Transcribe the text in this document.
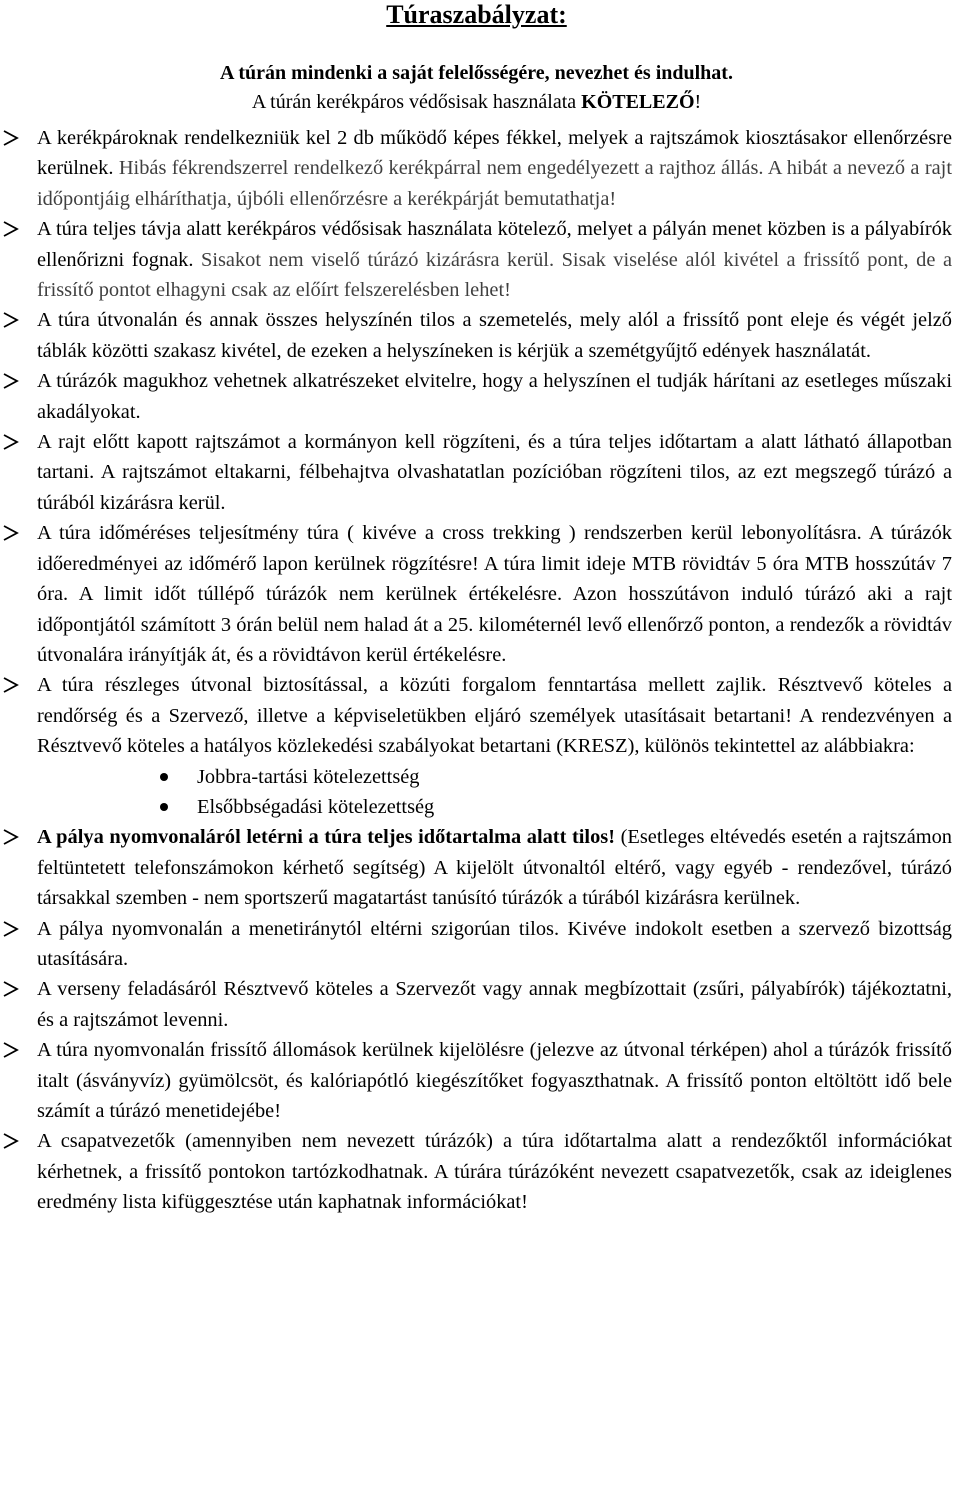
Túraszabályzat:
A túrán mindenki a saját felelősségére, nevezhet és indulhat.
A túrán kerékpáros védősisak használata KÖTELEZŐ!
A kerékpároknak rendelkezniük kel 2 db működő képes fékkel, melyek a rajtszámok kiosztásakor ellenőrzésre kerülnek. Hibás fékrendszerrel rendelkező kerékpárral nem engedélyezett a rajthoz állás. A hibát a nevező a rajt időpontjáig elháríthatja, újbóli ellenőrzésre a kerékpárját bemutathatja!
A túra teljes távja alatt kerékpáros védősisak használata kötelező, melyet a pályán menet közben is a pályabírók ellenőrizni fognak. Sisakot nem viselő túrázó kizárásra kerül. Sisak viselése alól kivétel a frissítő pont, de a frissítő pontot elhagyni csak az előírt felszerelésben lehet!
A túra útvonalán és annak összes helyszínén tilos a szemetelés, mely alól a frissítő pont eleje és végét jelző táblák közötti szakasz kivétel, de ezeken a helyszíneken is kérjük a szemétgyűjtő edények használatát.
A túrázók magukhoz vehetnek alkatrészeket elvitelre, hogy a helyszínen el tudják hárítani az esetleges műszaki akadályokat.
A rajt előtt kapott rajtszámot a kormányon kell rögzíteni, és a túra teljes időtartam a alatt látható állapotban tartani. A rajtszámot eltakarni, félbehajtva olvashatatlan pozícióban rögzíteni tilos, az ezt megszegő túrázó a túrából kizárásra kerül.
A túra időméréses teljesítmény túra ( kivéve a cross trekking ) rendszerben kerül lebonyolításra. A túrázók időeredményei az időmérő lapon kerülnek rögzítésre! A túra limit ideje MTB rövidtáv 5 óra MTB hosszútáv 7 óra. A limit időt túllépő túrázók nem kerülnek értékelésre. Azon hosszútávon induló túrázó aki a rajt időpontjától számított 3 órán belül nem halad át a 25. kilométernél levő ellenőrző ponton, a rendezők a rövidtáv útvonalára irányítják át, és a rövidtávon kerül értékelésre.
A túra részleges útvonal biztosítással, a közúti forgalom fenntartása mellett zajlik. Résztvevő köteles a rendőrség és a Szervező, illetve a képviseletükben eljáró személyek utasításait betartani! A rendezvényen a Résztvevő köteles a hatályos közlekedési szabályokat betartani (KRESZ), különös tekintettel az alábbiakra:
Jobbra-tartási kötelezettség
Elsőbbségadási kötelezettség
A pálya nyomvonaláról letérni a túra teljes időtartalma alatt tilos! (Esetleges eltévedés esetén a rajtszámon feltüntetett telefonszámokon kérhető segítség) A kijelölt útvonaltól eltérő, vagy egyéb - rendezővel, túrázó társakkal szemben - nem sportszerű magatartást tanúsító túrázók a túrából kizárásra kerülnek.
A pálya nyomvonalán a menetiránytól eltérni szigorúan tilos. Kivéve indokolt esetben a szervező bizottság utasítására.
A verseny feladásáról Résztvevő köteles a Szervezőt vagy annak megbízottait (zsűri, pályabírók) tájékoztatni, és a rajtszámot levenni.
A túra nyomvonalán frissítő állomások kerülnek kijelölésre (jelezve az útvonal térképen) ahol a túrázók frissítő italt (ásványvíz) gyümölcsöt, és kalóriapótló kiegészítőket fogyaszthatnak. A frissítő ponton eltöltött idő bele számít a túrázó menetidejébe!
A csapatvezetők (amennyiben nem nevezett túrázók) a túra időtartalma alatt a rendezőktől információkat kérhetnek, a frissítő pontokon tartózkodhatnak. A túrára túrázóként nevezett csapatvezetők, csak az ideiglenes eredmény lista kifüggesztése után kaphatnak információkat!
